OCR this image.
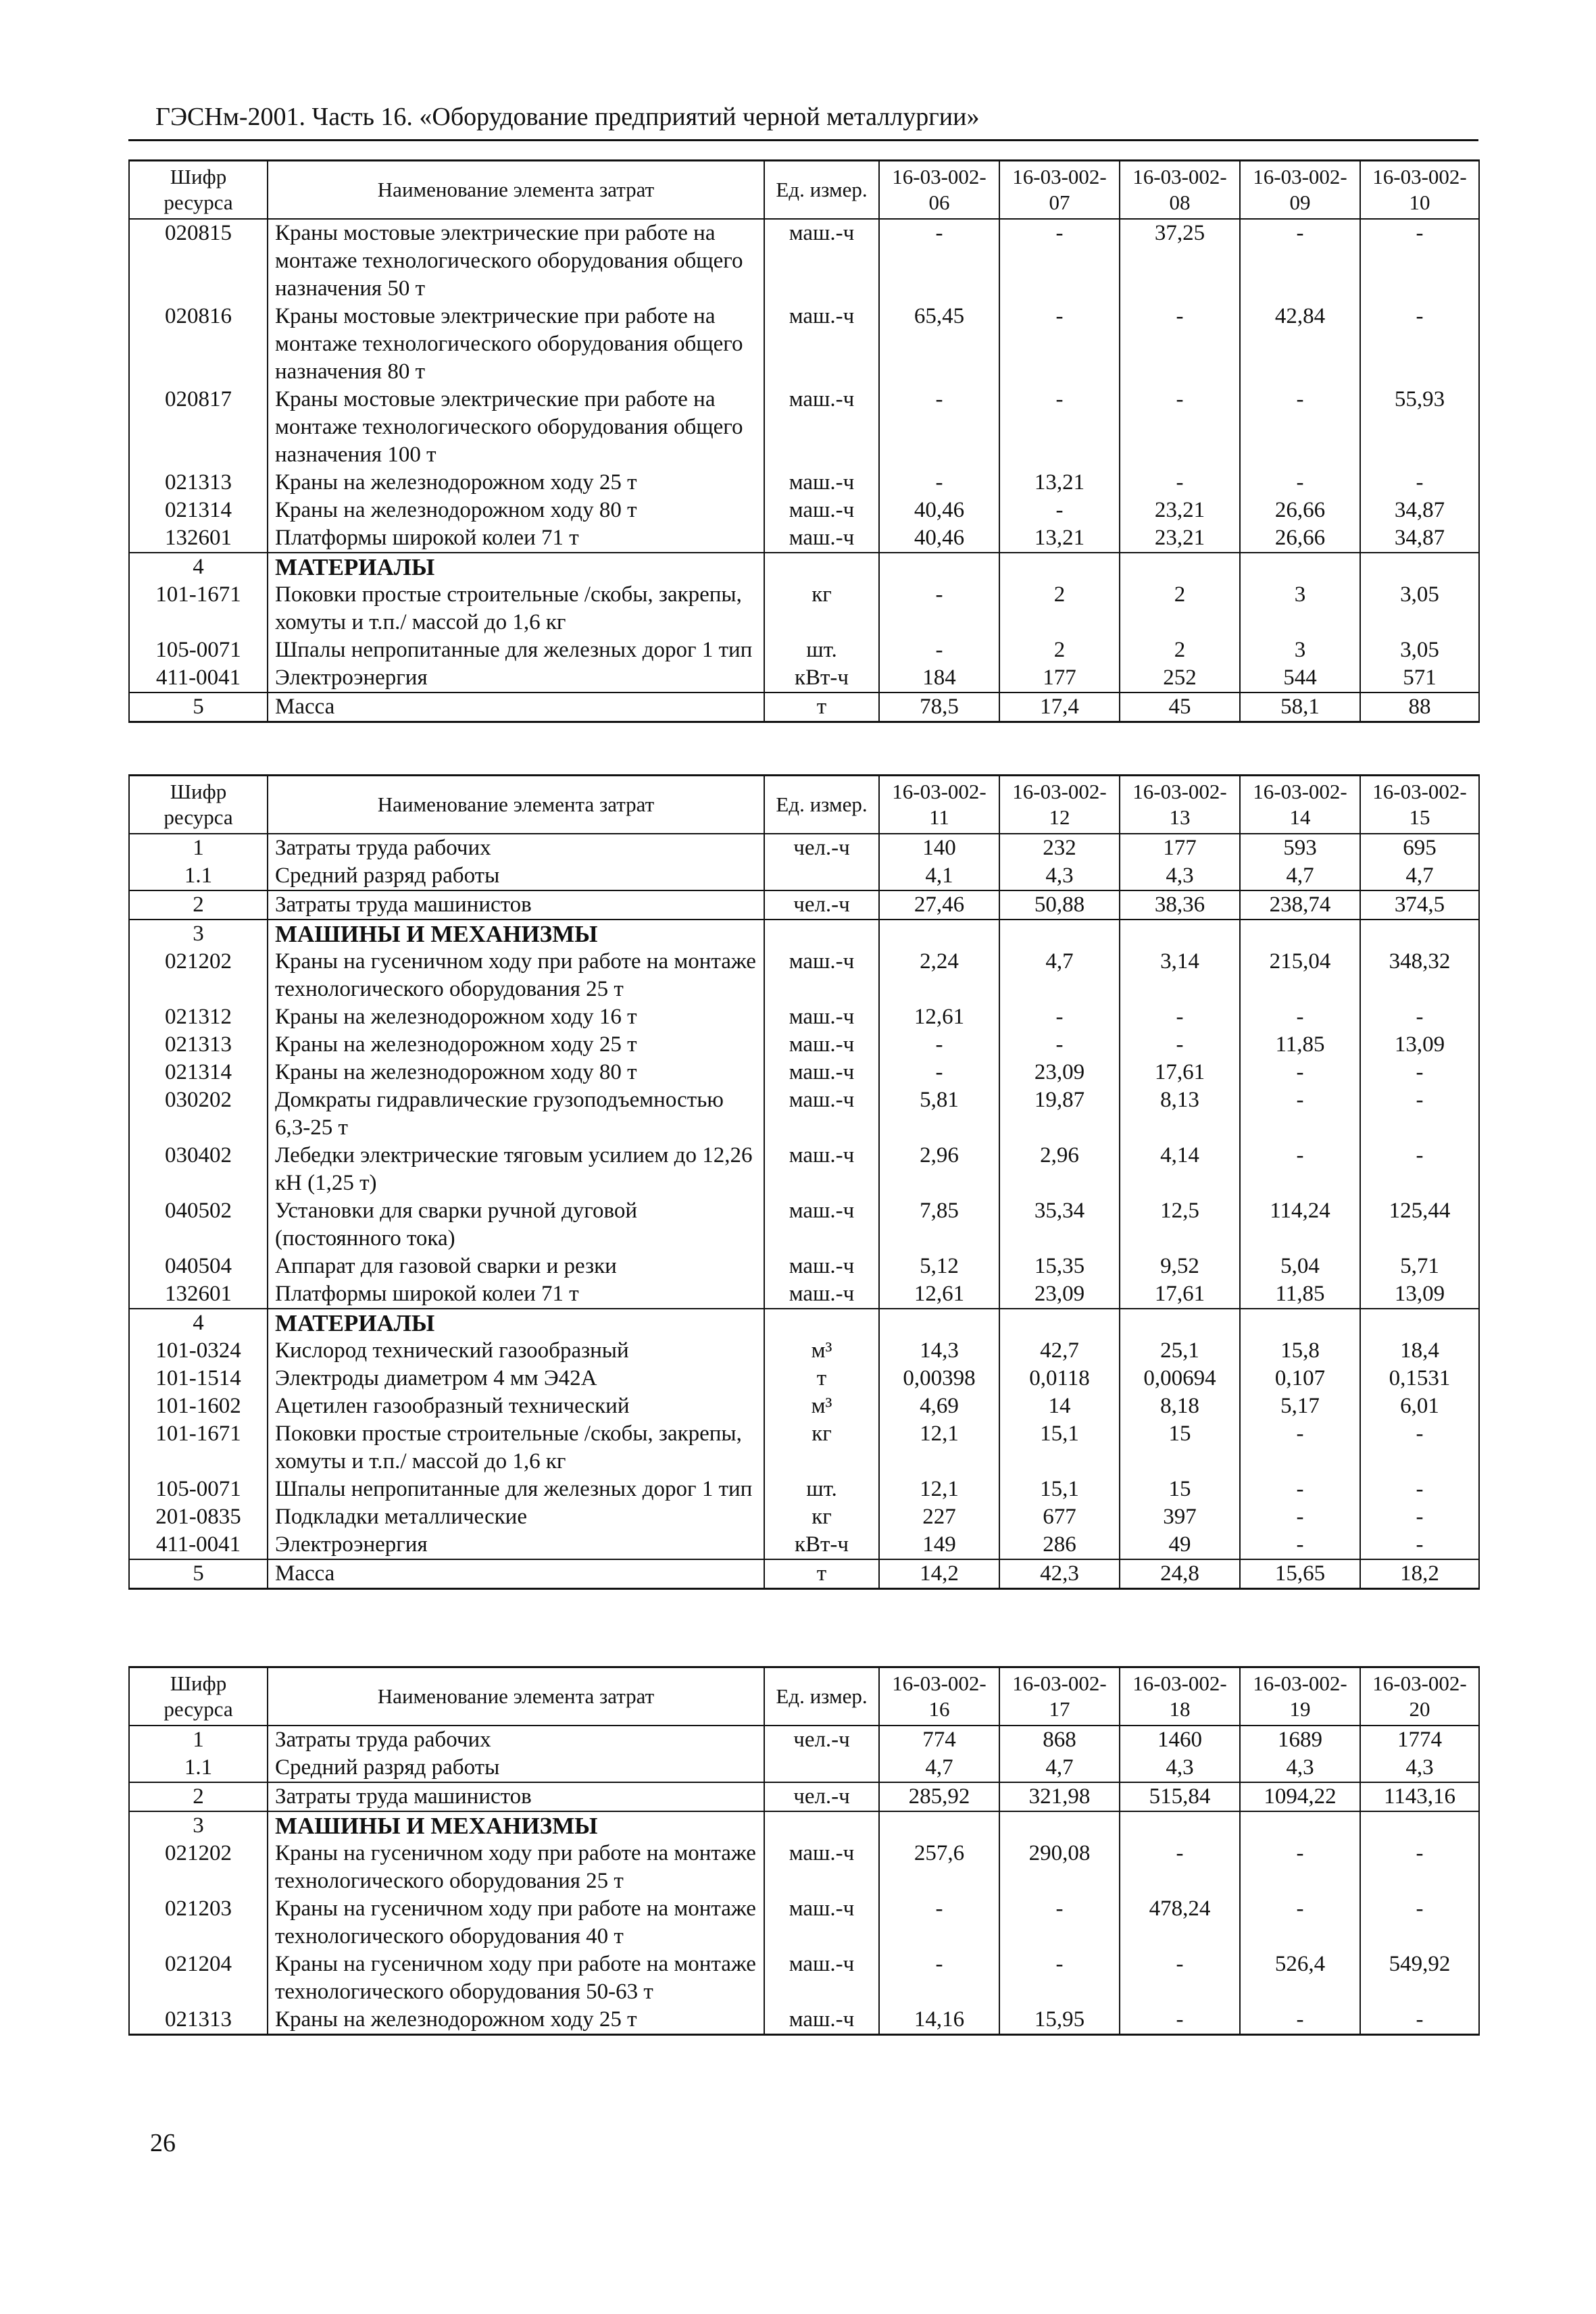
ГЭСНм-2001. Часть 16. «Оборудование предприятий черной металлургии»
Шифр ресурса	Наименование элемента затрат	Ед. измер.	16-03-002-06	16-03-002-07	16-03-002-08	16-03-002-09	16-03-002-10
020815	Краны мостовые электрические при работе на монтаже технологического оборудования общего назначения 50 т	маш.-ч	-	-	37,25	-	-
020816	Краны мостовые электрические при работе на монтаже технологического оборудования общего назначения 80 т	маш.-ч	65,45	-	-	42,84	-
020817	Краны мостовые электрические при работе на монтаже технологического оборудования общего назначения 100 т	маш.-ч	-	-	-	-	55,93
021313	Краны на железнодорожном ходу 25 т	маш.-ч	-	13,21	-	-	-
021314	Краны на железнодорожном ходу 80 т	маш.-ч	40,46	-	23,21	26,66	34,87
132601	Платформы широкой колеи 71 т	маш.-ч	40,46	13,21	23,21	26,66	34,87
4	МАТЕРИАЛЫ						
101-1671	Поковки простые строительные /скобы, закрепы, хомуты и т.п./ массой до 1,6 кг	кг	-	2	2	3	3,05
105-0071	Шпалы непропитанные для железных дорог 1 тип	шт.	-	2	2	3	3,05
411-0041	Электроэнергия	кВт-ч	184	177	252	544	571
5	Масса	т	78,5	17,4	45	58,1	88
Шифр ресурса	Наименование элемента затрат	Ед. измер.	16-03-002-11	16-03-002-12	16-03-002-13	16-03-002-14	16-03-002-15
1	Затраты труда рабочих	чел.-ч	140	232	177	593	695
1.1	Средний разряд работы		4,1	4,3	4,3	4,7	4,7
2	Затраты труда машинистов	чел.-ч	27,46	50,88	38,36	238,74	374,5
3	МАШИНЫ И МЕХАНИЗМЫ						
021202	Краны на гусеничном ходу при работе на монтаже технологического оборудования 25 т	маш.-ч	2,24	4,7	3,14	215,04	348,32
021312	Краны на железнодорожном ходу 16 т	маш.-ч	12,61	-	-	-	-
021313	Краны на железнодорожном ходу 25 т	маш.-ч	-	-	-	11,85	13,09
021314	Краны на железнодорожном ходу 80 т	маш.-ч	-	23,09	17,61	-	-
030202	Домкраты гидравлические грузоподъемностью 6,3-25 т	маш.-ч	5,81	19,87	8,13	-	-
030402	Лебедки электрические тяговым усилием до 12,26 кН (1,25 т)	маш.-ч	2,96	2,96	4,14	-	-
040502	Установки для сварки ручной дуговой (постоянного тока)	маш.-ч	7,85	35,34	12,5	114,24	125,44
040504	Аппарат для газовой сварки и резки	маш.-ч	5,12	15,35	9,52	5,04	5,71
132601	Платформы широкой колеи 71 т	маш.-ч	12,61	23,09	17,61	11,85	13,09
4	МАТЕРИАЛЫ						
101-0324	Кислород технический газообразный	м³	14,3	42,7	25,1	15,8	18,4
101-1514	Электроды диаметром 4 мм Э42А	т	0,00398	0,0118	0,00694	0,107	0,1531
101-1602	Ацетилен газообразный технический	м³	4,69	14	8,18	5,17	6,01
101-1671	Поковки простые строительные /скобы, закрепы, хомуты и т.п./ массой до 1,6 кг	кг	12,1	15,1	15	-	-
105-0071	Шпалы непропитанные для железных дорог 1 тип	шт.	12,1	15,1	15	-	-
201-0835	Подкладки металлические	кг	227	677	397	-	-
411-0041	Электроэнергия	кВт-ч	149	286	49	-	-
5	Масса	т	14,2	42,3	24,8	15,65	18,2
Шифр ресурса	Наименование элемента затрат	Ед. измер.	16-03-002-16	16-03-002-17	16-03-002-18	16-03-002-19	16-03-002-20
1	Затраты труда рабочих	чел.-ч	774	868	1460	1689	1774
1.1	Средний разряд работы		4,7	4,7	4,3	4,3	4,3
2	Затраты труда машинистов	чел.-ч	285,92	321,98	515,84	1094,22	1143,16
3	МАШИНЫ И МЕХАНИЗМЫ						
021202	Краны на гусеничном ходу при работе на монтаже технологического оборудования 25 т	маш.-ч	257,6	290,08	-	-	-
021203	Краны на гусеничном ходу при работе на монтаже технологического оборудования 40 т	маш.-ч	-	-	478,24	-	-
021204	Краны на гусеничном ходу при работе на монтаже технологического оборудования 50-63 т	маш.-ч	-	-	-	526,4	549,92
021313	Краны на железнодорожном ходу 25 т	маш.-ч	14,16	15,95	-	-	-
26
